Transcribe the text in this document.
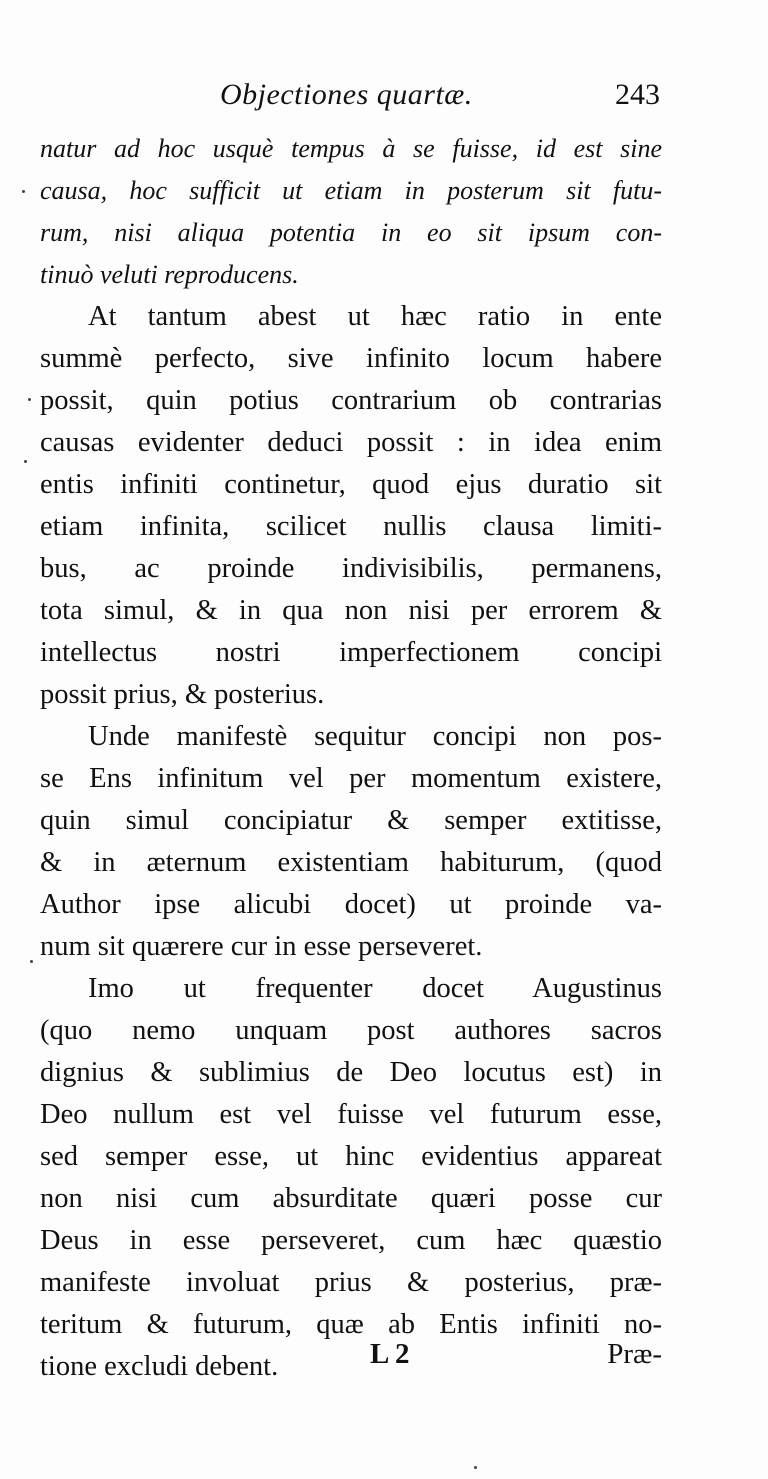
Objectiones quartæ.	243
natur ad hoc usquè tempus à se fuisse, id est sine
causa, hoc sufficit ut etiam in posterum sit futu-
rum, nisi aliqua potentia in eo sit ipsum con-
tinuò veluti reproducens.
At tantum abest ut hæc ratio in ente
summè perfecto, sive infinito locum habere
possit, quin potius contrarium ob contrarias
causas evidenter deduci possit : in idea enim
entis infiniti continetur, quod ejus duratio sit
etiam infinita, scilicet nullis clausa limiti-
bus, ac proinde indivisibilis, permanens,
tota simul, & in qua non nisi per errorem &
intellectus nostri imperfectionem concipi
possit prius, & posterius.
Unde manifestè sequitur concipi non pos-
se Ens infinitum vel per momentum existere,
quin simul concipiatur & semper extitisse,
& in æternum existentiam habiturum, (quod
Author ipse alicubi docet) ut proinde va-
num sit quærere cur in esse perseveret.
Imo ut frequenter docet Augustinus
(quo nemo unquam post authores sacros
dignius & sublimius de Deo locutus est) in
Deo nullum est vel fuisse vel futurum esse,
sed semper esse, ut hinc evidentius appareat
non nisi cum absurditate quæri posse cur
Deus in esse perseveret, cum hæc quæstio
manifeste involuat prius & posterius, præ-
teritum & futurum, quæ ab Entis infiniti no-
tione excludi debent.	L 2	Præ-
